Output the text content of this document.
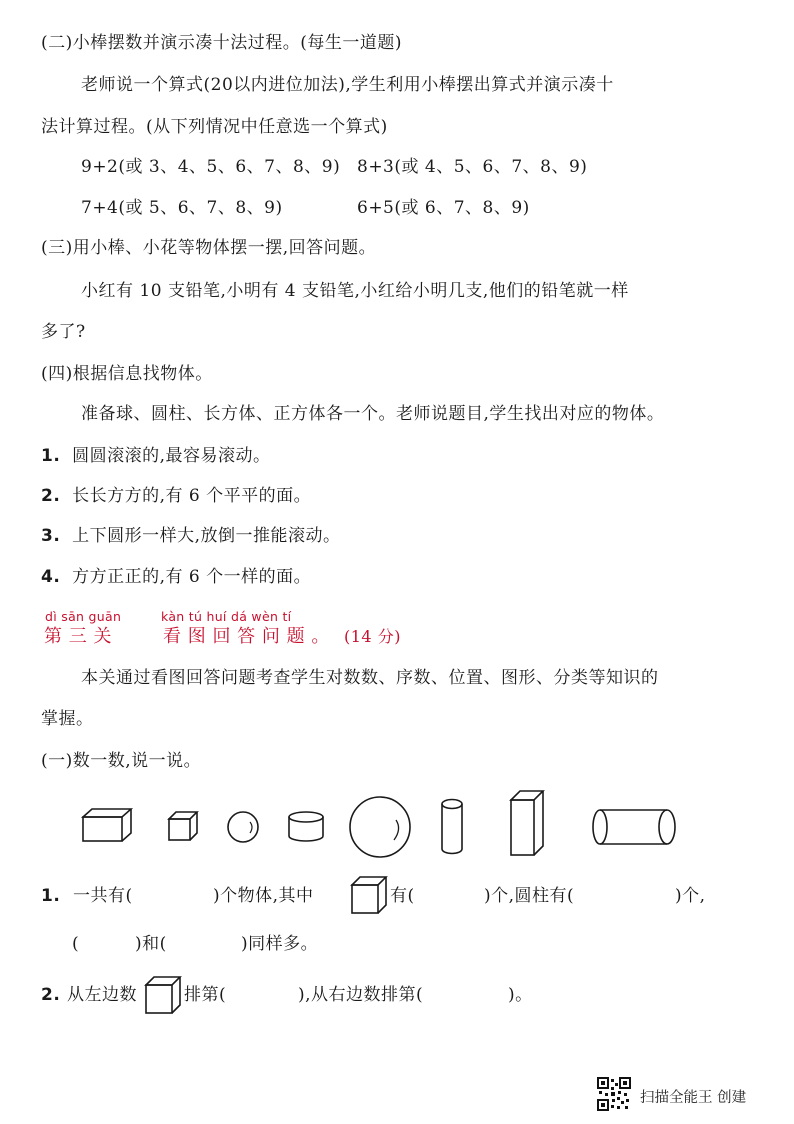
(二)小棒摆数并演示凑十法过程。(每生一道题)
老师说一个算式(20以内进位加法),学生利用小棒摆出算式并演示凑十
法计算过程。(从下列情况中任意选一个算式)
9+2(或 3、4、5、6、7、8、9) 8+3(或 4、5、6、7、8、9)
7+4(或 5、6、7、8、9)	6+5(或 6、7、8、9)
(三)用小棒、小花等物体摆一摆,回答问题。
小红有 10 支铅笔,小明有 4 支铅笔,小红给小明几支,他们的铅笔就一样
多了?
(四)根据信息找物体。
准备球、圆柱、长方体、正方体各一个。老师说题目,学生找出对应的物体。
1. 圆圆滚滚的,最容易滚动。
2. 长长方方的,有 6 个平平的面。
3. 上下圆形一样大,放倒一推能滚动。
4. 方方正正的,有 6 个一样的面。
dì sān guān	kàn tú huí dá wèn tí
第 三 关	看 图 回 答 问 题 。 (14 分)
本关通过看图回答问题考查学生对数数、序数、位置、图形、分类等知识的
掌握。
(一)数一数,说一说。
1. 一共有(	)个物体,其中	有(	)个,圆柱有(	)个,
(	)和(	)同样多。
2. 从左边数	排第(	),从右边数排第(	)。
扫描全能王 创建
